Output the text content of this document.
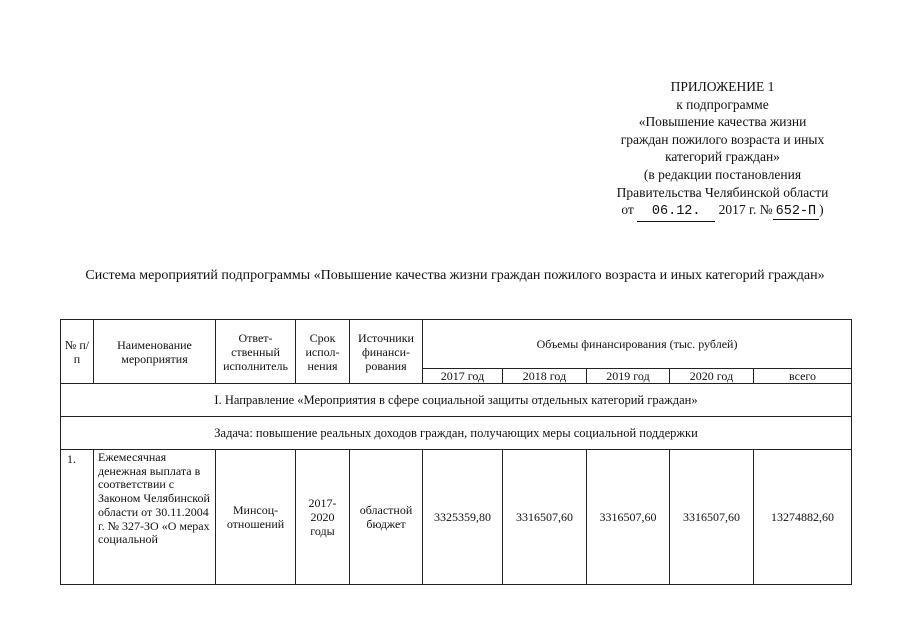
ПРИЛОЖЕНИЕ 1
к подпрограмме
«Повышение качества жизни
граждан пожилого возраста и иных
категорий граждан»
(в редакции постановления
Правительства Челябинской области
от 06.12. 2017 г. № 652-П )
Система мероприятий подпрограммы «Повышение качества жизни граждан пожилого возраста и иных категорий граждан»
№ п/п	Наименование мероприятия	Ответ-ственный исполнитель	Срок испол-нения	Источники финанси-рования	Объемы финансирования (тыс. рублей)				
					2017 год	2018 год	2019 год	2020 год	всего
I. Направление «Мероприятия в сфере социальной защиты отдельных категорий граждан»									
Задача: повышение реальных доходов граждан, получающих меры социальной поддержки									
1.	Ежемесячная денежная выплата в соответствии с Законом Челябинской области от 30.11.2004 г. № 327-ЗО «О мерах социальной	Минсоц-отношений	2017-2020 годы	областной бюджет	3325359,80	3316507,60	3316507,60	3316507,60	13274882,60
